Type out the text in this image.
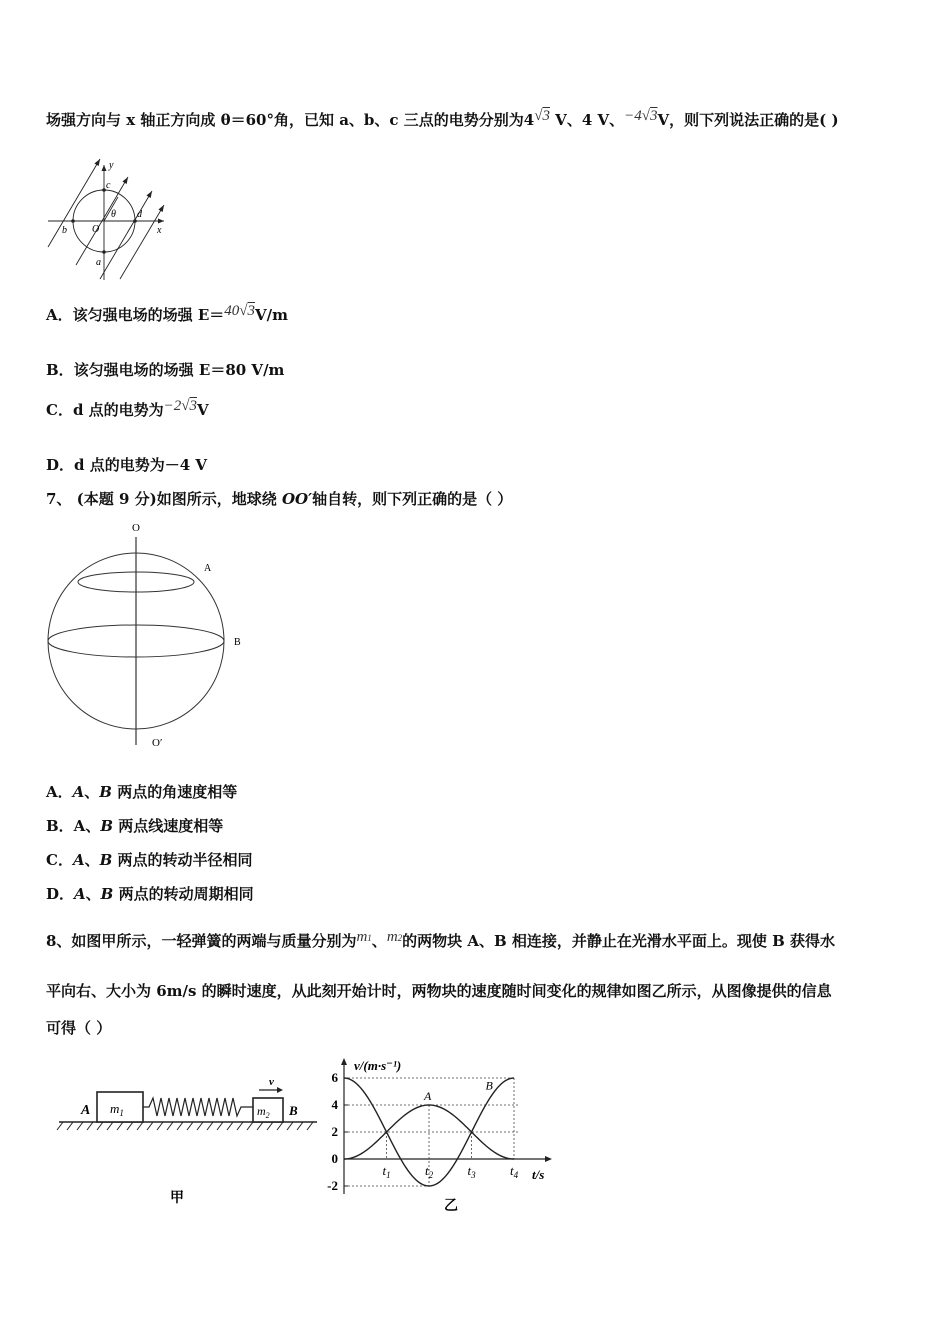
场强方向与 x 轴正方向成 θ＝60°角，已知 a、b、c 三点的电势分别为4√3 V、4 V、−4√3V，则下列说法正确的是( )
y
x
O
θ
b
d
c
a
A．该匀强电场的场强 E＝40√3V/m
B．该匀强电场的场强 E＝80 V/m
C．d 点的电势为−2√3V
D．d 点的电势为－4 V
7、 (本题 9 分)如图所示，地球绕 OO′轴自转，则下列正确的是（ ）
O
O′
A
B
A．A、B 两点的角速度相等
B．A、B 两点线速度相等
C．A、B 两点的转动半径相同
D．A、B 两点的转动周期相同
8、如图甲所示，一轻弹簧的两端与质量分别为m1、m2的两物块 A、B 相连接，并静止在光滑水平面上。现使 B 获得水
平向右、大小为 6m/s 的瞬时速度，从此刻开始计时，两物块的速度随时间变化的规律如图乙所示，从图像提供的信息
可得（ ）
A $m_1$	$m_2$ B
v
甲
6
4
2
0
-2
$t_1$	$t_2$	$t_3$	$t_4$
A
B
v/(m·s⁻¹)
t/s
乙
